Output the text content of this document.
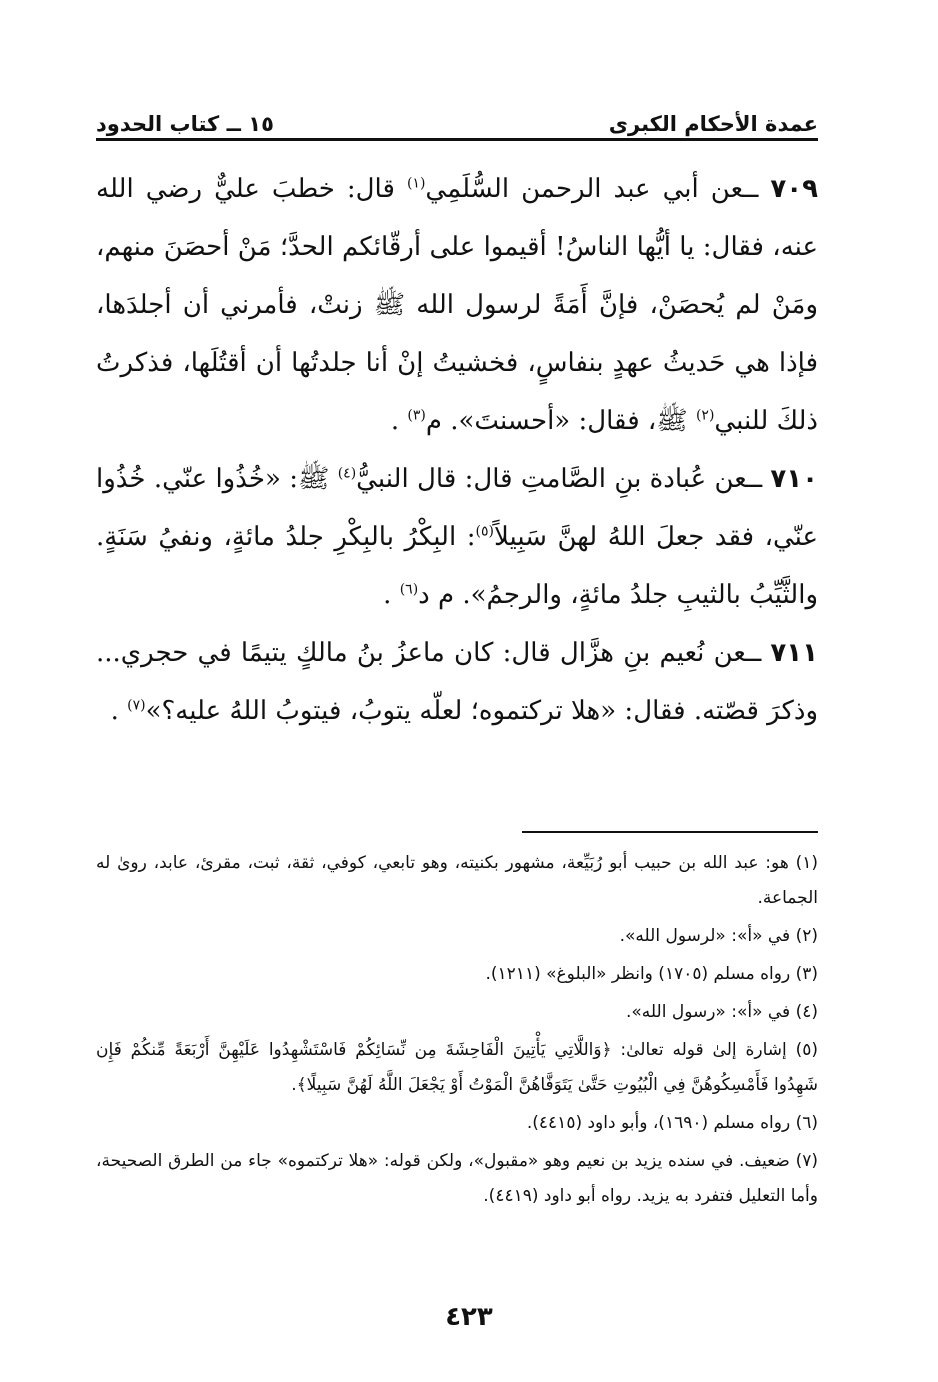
عمدة الأحكام الكبرى
١٥ ــ كتاب الحدود

٧٠٩ ــعن أبي عبد الرحمن السُّلَمِي$^{(١)}$ قال: خطبَ عليٌّ رضي الله عنه، فقال: يا أيُّها الناسُ! أقيموا على أرقّائكم الحدَّ؛ مَنْ أحصَنَ منهم، ومَنْ لم يُحصَنْ، فإنَّ أَمَةً لرسول الله ﷺ زنتْ، فأمرني أن أجلدَها، فإذا هي حَديثُ عهدٍ بنفاسٍ، فخشيتُ إنْ أنا جلدتُها أن أقتُلَها، فذكرتُ ذلكَ للنبي$^{(٢)}$ ﷺ، فقال: «أحسنتَ». م$^{(٣)}$ .

٧١٠ ــعن عُبادة بنِ الصَّامتِ قال: قال النبيُّ$^{(٤)}$ ﷺ: «خُذُوا عنّي. خُذُوا عنّي، فقد جعلَ اللهُ لهنَّ سَبِيلاً$^{(٥)}$: البِكْرُ بالبِكْرِ جلدُ مائةٍ، ونفيُ سَنَةٍ. والثَّيِّبُ بالثيبِ جلدُ مائةٍ، والرجمُ». م د$^{(٦)}$ .

٧١١ ــعن نُعيم بنِ هزَّال قال: كان ماعزُ بنُ مالكٍ يتيمًا في حجري... وذكرَ قصّته. فقال: «هلا تركتموه؛ لعلّه يتوبُ، فيتوبُ اللهُ عليه؟»$^{(٧)}$ .

(١) هو: عبد الله بن حبيب أبو رُبَيِّعة، مشهور بكنيته، وهو تابعي، كوفي، ثقة، ثبت، مقرئ، عابد، روىٰ له الجماعة.

(٢) في «أ»: «لرسول الله».

(٣) رواه مسلم (١٧٠٥) وانظر «البلوغ» (١٢١١).

(٤) في «أ»: «رسول الله».

(٥) إشارة إلىٰ قوله تعالىٰ: ﴿وَاللَّاتِي يَأْتِينَ الْفَاحِشَةَ مِن نِّسَائِكُمْ فَاسْتَشْهِدُوا عَلَيْهِنَّ أَرْبَعَةً مِّنكُمْ فَإِن شَهِدُوا فَأَمْسِكُوهُنَّ فِي الْبُيُوتِ حَتَّىٰ يَتَوَفَّاهُنَّ الْمَوْتُ أَوْ يَجْعَلَ اللَّهُ لَهُنَّ سَبِيلًا﴾.

(٦) رواه مسلم (١٦٩٠)، وأبو داود (٤٤١٥).

(٧) ضعيف. في سنده يزيد بن نعيم وهو «مقبول»، ولكن قوله: «هلا تركتموه» جاء من الطرق الصحيحة، وأما التعليل فتفرد به يزيد. رواه أبو داود (٤٤١٩).

٤٢٣
